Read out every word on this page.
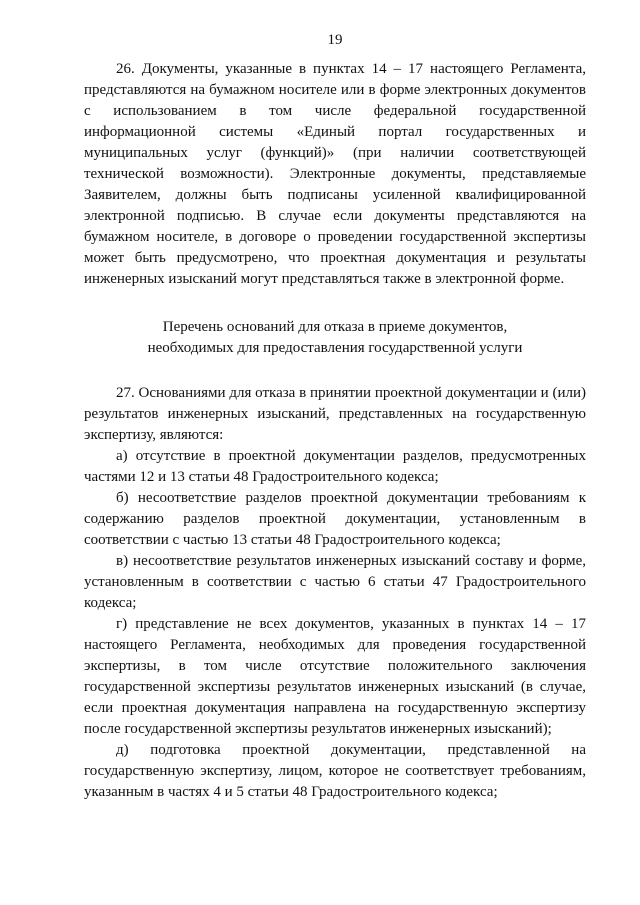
19

26. Документы, указанные в пунктах 14 – 17 настоящего Регламента, представляются на бумажном носителе или в форме электронных документов с использованием в том числе федеральной государственной информационной системы «Единый портал государственных и муниципальных услуг (функций)» (при наличии соответствующей технической возможности). Электронные документы, представляемые Заявителем, должны быть подписаны усиленной квалифицированной электронной подписью. В случае если документы представляются на бумажном носителе, в договоре о проведении государственной экспертизы может быть предусмотрено, что проектная документация и результаты инженерных изысканий могут представляться также в электронной форме.

Перечень оснований для отказа в приеме документов,
необходимых для предоставления государственной услуги

27. Основаниями для отказа в принятии проектной документации и (или) результатов инженерных изысканий, представленных на государственную экспертизу, являются:

а) отсутствие в проектной документации разделов, предусмотренных частями 12 и 13 статьи 48 Градостроительного кодекса;

б) несоответствие разделов проектной документации требованиям к содержанию разделов проектной документации, установленным в соответствии с частью 13 статьи 48 Градостроительного кодекса;

в) несоответствие результатов инженерных изысканий составу и форме, установленным в соответствии с частью 6 статьи 47 Градостроительного кодекса;

г) представление не всех документов, указанных в пунктах 14 – 17 настоящего Регламента, необходимых для проведения государственной экспертизы, в том числе отсутствие положительного заключения государственной экспертизы результатов инженерных изысканий (в случае, если проектная документация направлена на государственную экспертизу после государственной экспертизы результатов инженерных изысканий);

д) подготовка проектной документации, представленной на государственную экспертизу, лицом, которое не соответствует требованиям, указанным в частях 4 и 5 статьи 48 Градостроительного кодекса;
